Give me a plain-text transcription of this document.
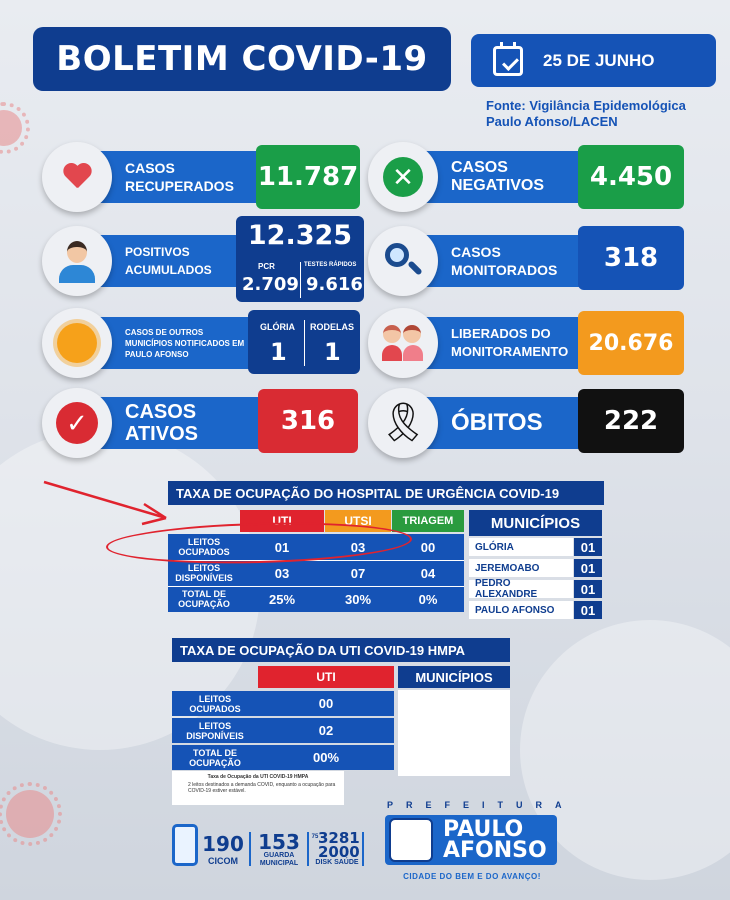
BOLETIM COVID-19	25 DE JUNHO
Fonte: Vigilância Epidemológica
Paulo Afonso/LACEN
CASOS RECUPERADOS 11.787	✕	CASOS NEGATIVOS	4.450
POSITIVOS ACUMULADOS
12.325
PCR
2.709
TESTES RÁPIDOS
9.616
CASOS MONITORADOS	318
CASOS DE OUTROS MUNICÍPIOS NOTIFICADOS EM PAULO AFONSO
GLÓRIA
1
RODELAS
1
LIBERADOS DO MONITORAMENTO 20.676
✓	CASOS ATIVOS	316	🎗 ÓBITOS	222
TAXA DE OCUPAÇÃO DO HOSPITAL DE URGÊNCIA COVID-19
UTI	UTSI	TRIAGEM
LEITOS OCUPADOS	01	03	00
LEITOS DISPONÍVEIS	03	07	04
TOTAL DE OCUPAÇÃO	25%	30%	0%
MUNICÍPIOS
GLÓRIA	01
JEREMOABO	01
PEDRO ALEXANDRE	01
PAULO AFONSO	01
TAXA DE OCUPAÇÃO DA UTI COVID-19 HMPA
UTI	MUNICÍPIOS
LEITOS OCUPADOS	00
LEITOS DISPONÍVEIS	02
TOTAL DE OCUPAÇÃO	00%
Taxa de Ocupação da UTI COVID-19 HMPA
2 leitos destinados a demanda COVID, enquanto a ocupação para COVID-19 estiver estável.
190
CICOM
153
GUARDA MUNICIPAL
75 3281
2000
DISK SAÚDE
PREFEITURA
PAULO
AFONSO
CIDADE DO BEM E DO AVANÇO!
